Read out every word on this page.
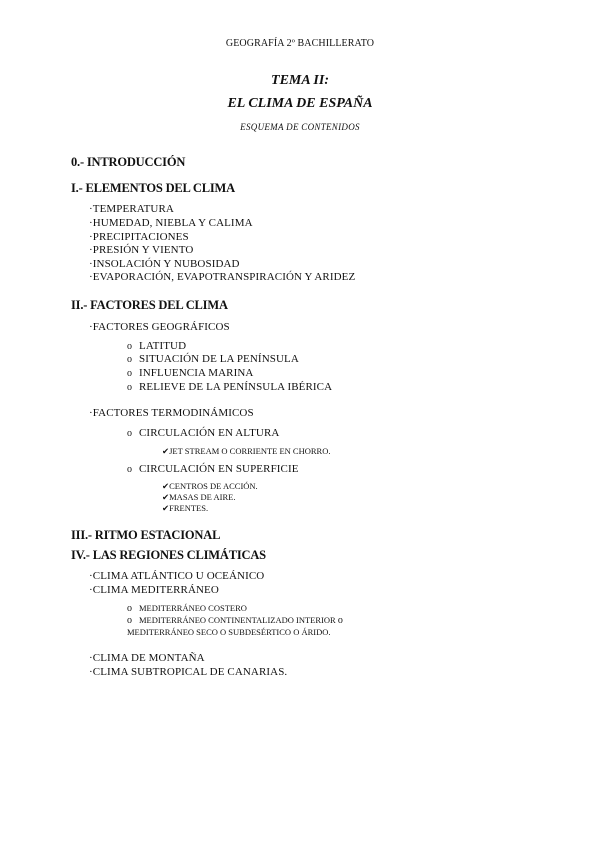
GEOGRAFÍA 2º BACHILLERATO
TEMA II:
EL CLIMA DE ESPAÑA
ESQUEMA DE CONTENIDOS
0.- INTRODUCCIÓN
I.- ELEMENTOS DEL CLIMA
·TEMPERATURA
·HUMEDAD, NIEBLA Y CALIMA
·PRECIPITACIONES
·PRESIÓN Y VIENTO
·INSOLACIÓN Y NUBOSIDAD
·EVAPORACIÓN, EVAPOTRANSPIRACIÓN Y ARIDEZ
II.- FACTORES DEL CLIMA
·FACTORES GEOGRÁFICOS
o LATITUD
o SITUACIÓN DE LA PENÍNSULA
o INFLUENCIA MARINA
o RELIEVE DE LA PENÍNSULA IBÉRICA
·FACTORES TERMODINÁMICOS
o CIRCULACIÓN EN ALTURA
✔JET STREAM O CORRIENTE EN CHORRO.
o CIRCULACIÓN EN SUPERFICIE
✔CENTROS DE ACCIÓN.
✔MASAS DE AIRE.
✔FRENTES.
III.- RITMO ESTACIONAL
IV.- LAS REGIONES CLIMÁTICAS
·CLIMA ATLÁNTICO U OCEÁNICO
·CLIMA MEDITERRÁNEO
o MEDITERRÁNEO COSTERO
o MEDITERRÁNEO CONTINENTALIZADO INTERIOR o
MEDITERRÁNEO SECO O SUBDESÉRTICO O ÁRIDO.
·CLIMA DE MONTAÑA
·CLIMA SUBTROPICAL DE CANARIAS.
